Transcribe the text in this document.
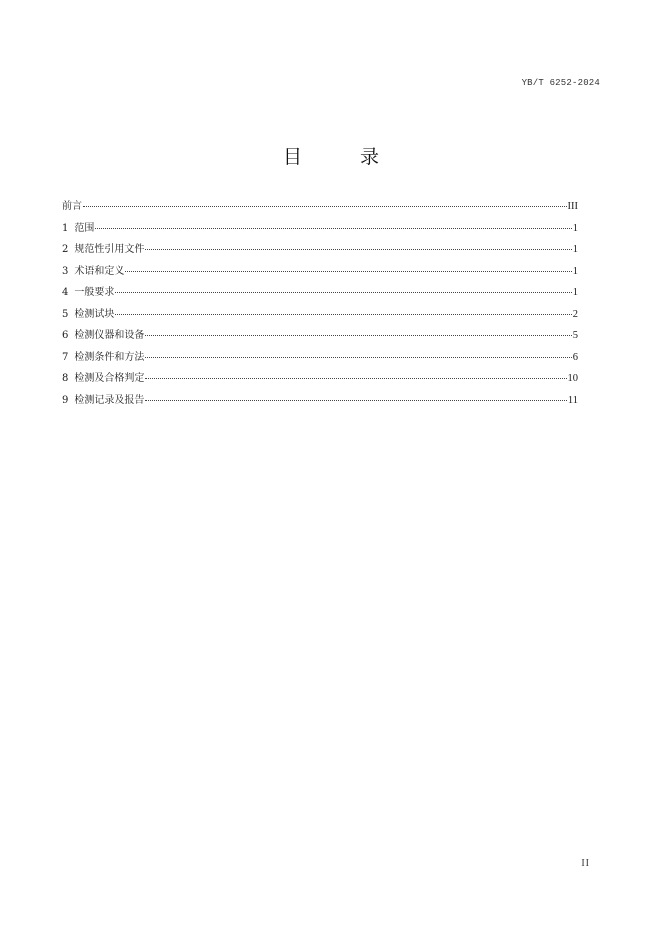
YB/T 6252-2024
目 录
前言	III
1 范围	1
2 规范性引用文件	1
3 术语和定义	1
4 一般要求	1
5 检测试块	2
6 检测仪器和设备	5
7 检测条件和方法	6
8 检测及合格判定	10
9 检测记录及报告	11
II
